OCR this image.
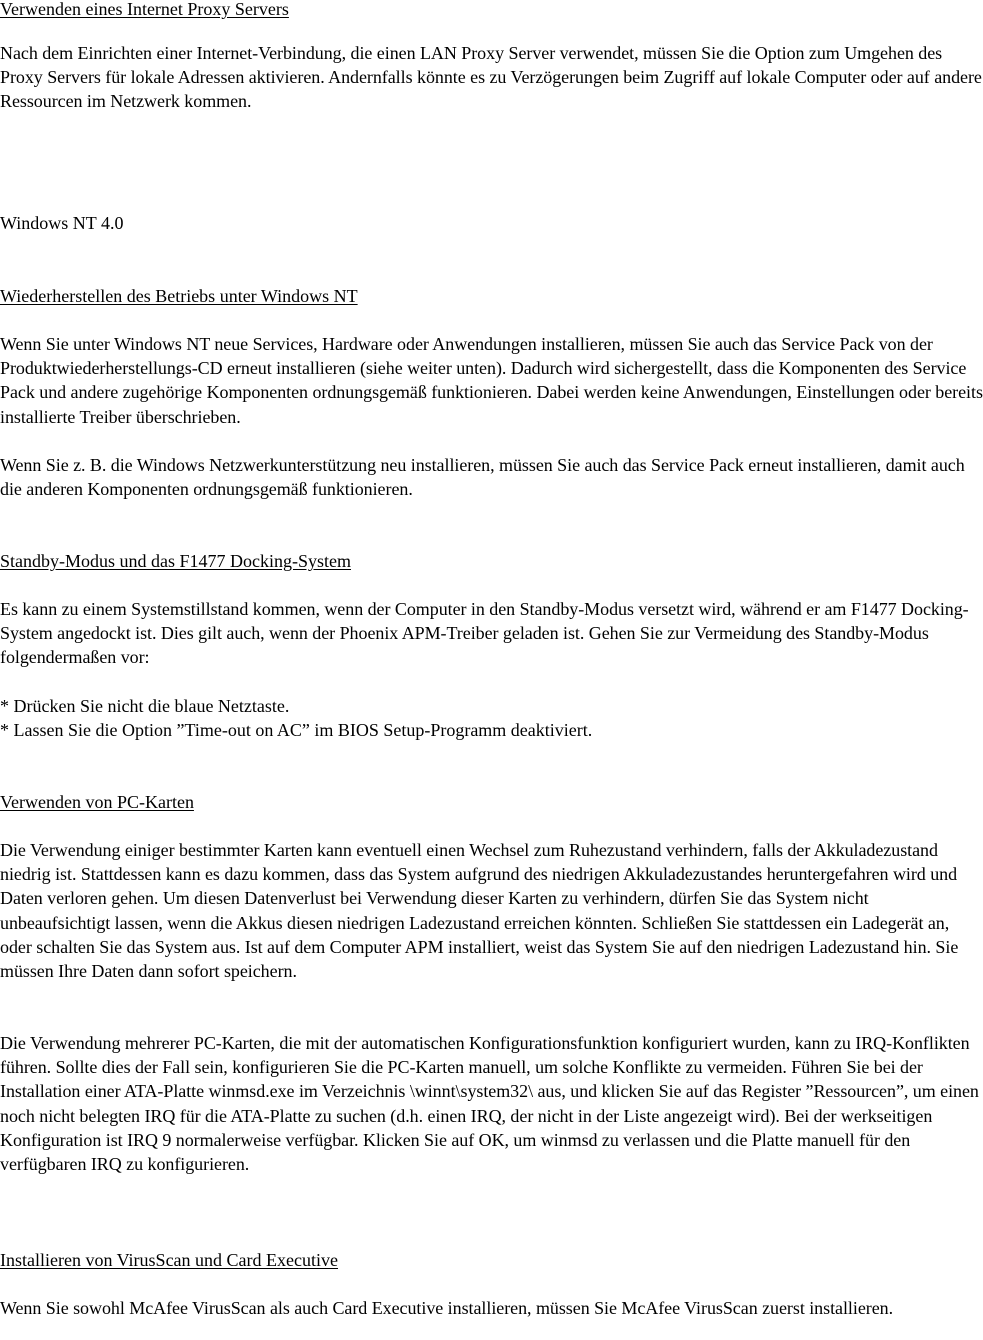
Verwenden eines Internet Proxy Servers

Nach dem Einrichten einer Internet-Verbindung, die einen LAN Proxy Server verwendet, müssen Sie die Option zum Umgehen des Proxy Servers für lokale Adressen aktivieren. Andernfalls könnte es zu Verzögerungen beim Zugriff auf lokale Computer oder auf andere Ressourcen im Netzwerk kommen.

Windows NT 4.0

Wiederherstellen des Betriebs unter Windows NT

Wenn Sie unter Windows NT neue Services, Hardware oder Anwendungen installieren, müssen Sie auch das Service Pack von der Produktwiederherstellungs-CD erneut installieren (siehe weiter unten). Dadurch wird sichergestellt, dass die Komponenten des Service Pack und andere zugehörige Komponenten ordnungsgemäß funktionieren. Dabei werden keine Anwendungen, Einstellungen oder bereits installierte Treiber überschrieben.

Wenn Sie z. B. die Windows Netzwerkunterstützung neu installieren, müssen Sie auch das Service Pack erneut installieren, damit auch die anderen Komponenten ordnungsgemäß funktionieren.

Standby-Modus und das F1477 Docking-System

Es kann zu einem Systemstillstand kommen, wenn der Computer in den Standby-Modus versetzt wird, während er am F1477 Docking-System angedockt ist. Dies gilt auch, wenn der Phoenix APM-Treiber geladen ist. Gehen Sie zur Vermeidung des Standby-Modus folgendermaßen vor:

* Drücken Sie nicht die blaue Netztaste.

* Lassen Sie die Option ”Time-out on AC” im BIOS Setup-Programm deaktiviert.

Verwenden von PC-Karten

Die Verwendung einiger bestimmter Karten kann eventuell einen Wechsel zum Ruhezustand verhindern, falls der Akkuladezustand niedrig ist. Stattdessen kann es dazu kommen, dass das System aufgrund des niedrigen Akkuladezustandes heruntergefahren wird und Daten verloren gehen. Um diesen Datenverlust bei Verwendung dieser Karten zu verhindern, dürfen Sie das System nicht unbeaufsichtigt lassen, wenn die Akkus diesen niedrigen Ladezustand erreichen könnten. Schließen Sie stattdessen ein Ladegerät an, oder schalten Sie das System aus. Ist auf dem Computer APM installiert, weist das System Sie auf den niedrigen Ladezustand hin. Sie müssen Ihre Daten dann sofort speichern.

Die Verwendung mehrerer PC-Karten, die mit der automatischen Konfigurationsfunktion konfiguriert wurden, kann zu IRQ-Konflikten führen. Sollte dies der Fall sein, konfigurieren Sie die PC-Karten manuell, um solche Konflikte zu vermeiden. Führen Sie bei der Installation einer ATA-Platte winmsd.exe im Verzeichnis \winnt\system32\ aus, und klicken Sie auf das Register ”Ressourcen”, um einen noch nicht belegten IRQ für die ATA-Platte zu suchen (d.h. einen IRQ, der nicht in der Liste angezeigt wird). Bei der werkseitigen Konfiguration ist IRQ 9 normalerweise verfügbar. Klicken Sie auf OK, um winmsd zu verlassen und die Platte manuell für den verfügbaren IRQ zu konfigurieren.

Installieren von VirusScan und Card Executive

Wenn Sie sowohl McAfee VirusScan als auch Card Executive installieren, müssen Sie McAfee VirusScan zuerst installieren.
